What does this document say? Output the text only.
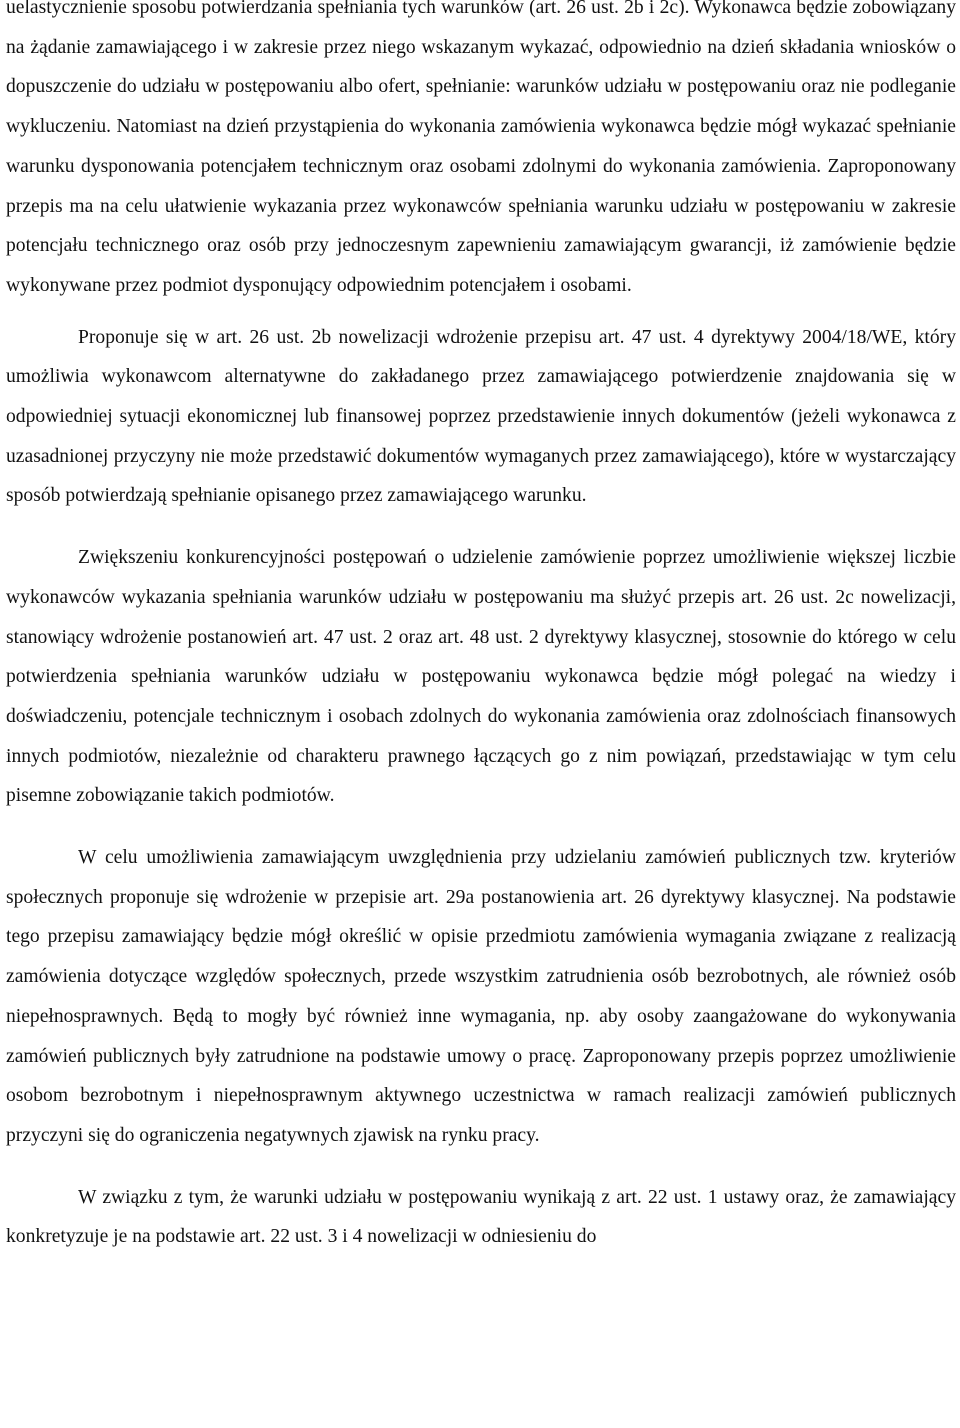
uelastycznienie sposobu potwierdzania spełniania tych warunków (art. 26 ust. 2b i 2c). Wykonawca będzie zobowiązany na żądanie zamawiającego i w zakresie przez niego wskazanym wykazać, odpowiednio na dzień składania wniosków o dopuszczenie do udziału w postępowaniu albo ofert, spełnianie: warunków udziału w postępowaniu oraz nie podleganie wykluczeniu. Natomiast na dzień przystąpienia do wykonania zamówienia wykonawca będzie mógł wykazać spełnianie warunku dysponowania potencjałem technicznym oraz osobami zdolnymi do wykonania zamówienia. Zaproponowany przepis ma na celu ułatwienie wykazania przez wykonawców spełniania warunku udziału w postępowaniu w zakresie potencjału technicznego oraz osób przy jednoczesnym zapewnieniu zamawiającym gwarancji, iż zamówienie będzie wykonywane przez podmiot dysponujący odpowiednim potencjałem i osobami.

Proponuje się w art. 26 ust. 2b nowelizacji wdrożenie przepisu art. 47 ust. 4 dyrektywy 2004/18/WE, który umożliwia wykonawcom alternatywne do zakładanego przez zamawiającego potwierdzenie znajdowania się w odpowiedniej sytuacji ekonomicznej lub finansowej poprzez przedstawienie innych dokumentów (jeżeli wykonawca z uzasadnionej przyczyny nie może przedstawić dokumentów wymaganych przez zamawiającego), które w wystarczający sposób potwierdzają spełnianie opisanego przez zamawiającego warunku.

Zwiększeniu konkurencyjności postępowań o udzielenie zamówienie poprzez umożliwienie większej liczbie wykonawców wykazania spełniania warunków udziału w postępowaniu ma służyć przepis art. 26 ust. 2c nowelizacji, stanowiący wdrożenie postanowień art. 47 ust. 2 oraz art. 48 ust. 2 dyrektywy klasycznej, stosownie do którego w celu potwierdzenia spełniania warunków udziału w postępowaniu wykonawca będzie mógł polegać na wiedzy i doświadczeniu, potencjale technicznym i osobach zdolnych do wykonania zamówienia oraz zdolnościach finansowych innych podmiotów, niezależnie od charakteru prawnego łączących go z nim powiązań, przedstawiając w tym celu pisemne zobowiązanie takich podmiotów.

W celu umożliwienia zamawiającym uwzględnienia przy udzielaniu zamówień publicznych tzw. kryteriów społecznych proponuje się wdrożenie w przepisie art. 29a postanowienia art. 26 dyrektywy klasycznej. Na podstawie tego przepisu zamawiający będzie mógł określić w opisie przedmiotu zamówienia wymagania związane z realizacją zamówienia dotyczące względów społecznych, przede wszystkim zatrudnienia osób bezrobotnych, ale również osób niepełnosprawnych. Będą to mogły być również inne wymagania, np. aby osoby zaangażowane do wykonywania zamówień publicznych były zatrudnione na podstawie umowy o pracę. Zaproponowany przepis poprzez umożliwienie osobom bezrobotnym i niepełnosprawnym aktywnego uczestnictwa w ramach realizacji zamówień publicznych przyczyni się do ograniczenia negatywnych zjawisk na rynku pracy.

W związku z tym, że warunki udziału w postępowaniu wynikają z art. 22 ust. 1 ustawy oraz, że zamawiający konkretyzuje je na podstawie art. 22 ust. 3 i 4 nowelizacji w odniesieniu do
